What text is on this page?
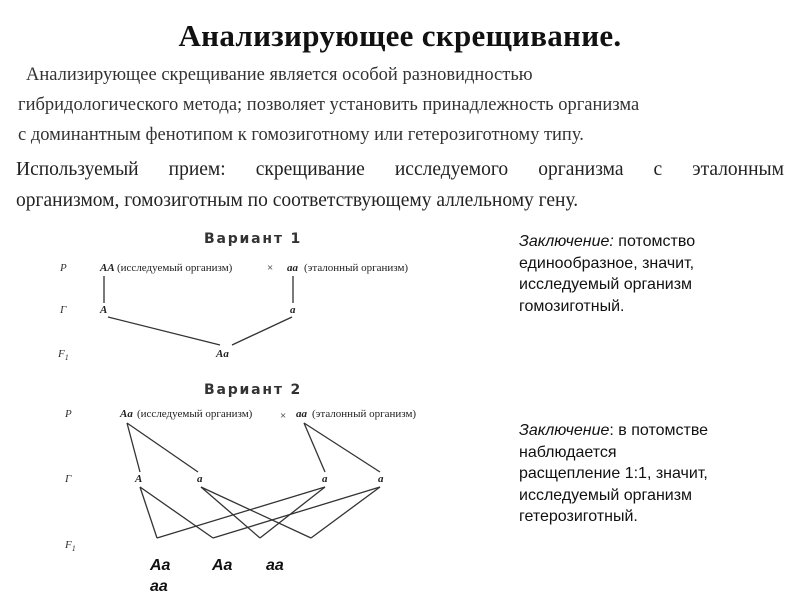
Анализирующее скрещивание.
Анализирующее скрещивание является особой разновидностью
гибридологического метода; позволяет установить принадлежность организма
с доминантным фенотипом к гомозиготному или гетерозиготному типу.
Используемый прием: скрещивание исследуемого организма с эталонным
организмом, гомозиготным по соответствующему аллельному гену.
Вариант 1
P
Г
$F_1$
AA (исследуемый организм)	× aa (эталонный организм)
A	a
Aa
Вариант 2
P
Г
$F_1$
Aa (исследуемый организм)	× aa (эталонный организм)
A	a	a	a
Aa	Aa aa
aa
Заключение: потомство
единообразное, значит,
исследуемый организм
гомозиготный.
Заключение: в потомстве
наблюдается
расщепление 1:1, значит,
исследуемый организм
гетерозиготный.
